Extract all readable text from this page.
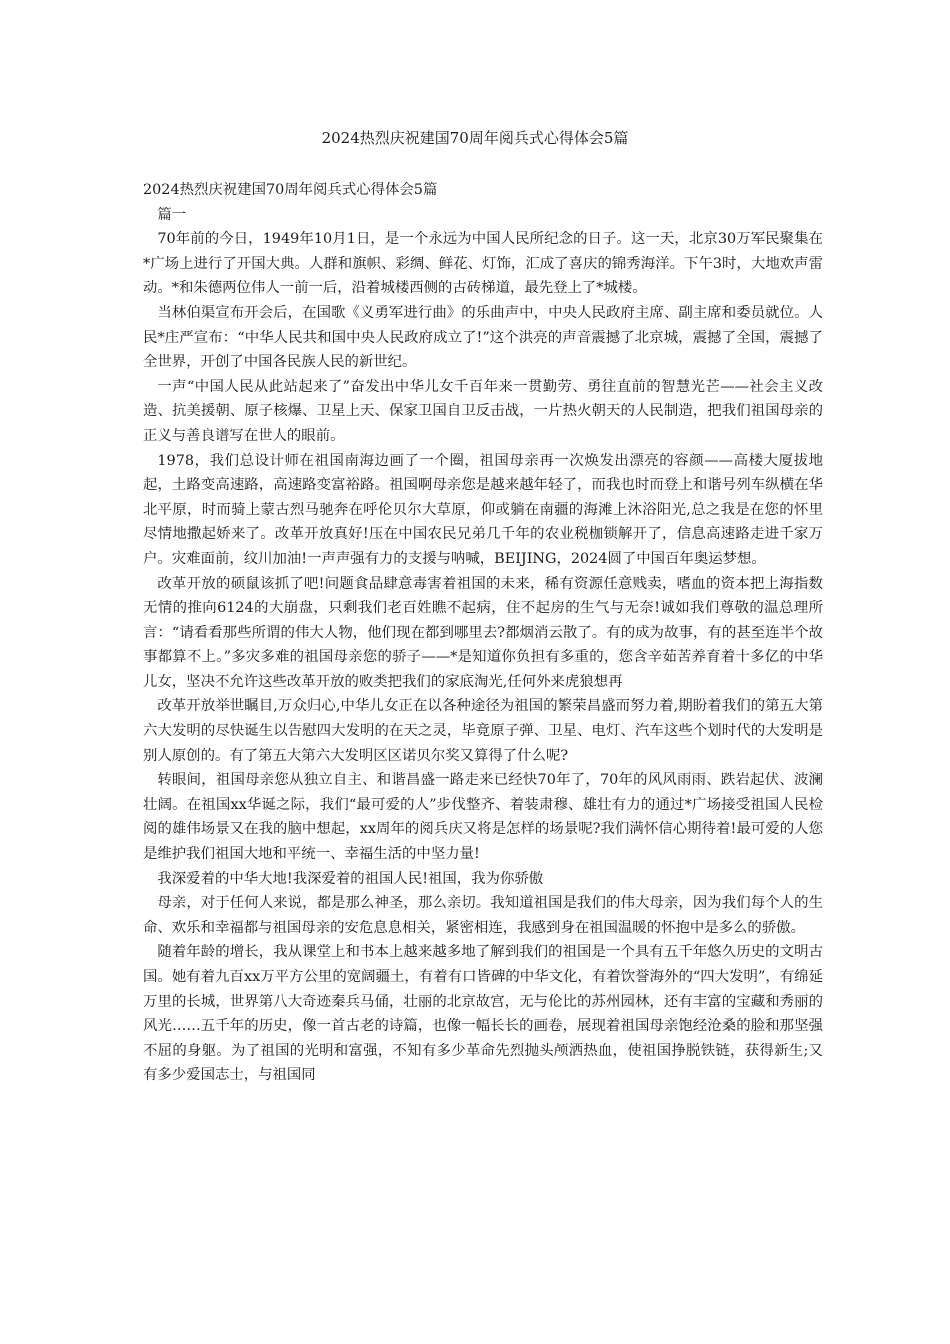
2024热烈庆祝建国70周年阅兵式心得体会5篇

2024热烈庆祝建国70周年阅兵式心得体会5篇

篇一

70年前的今日，1949年10月1日，是一个永远为中国人民所纪念的日子。这一天，北京30万军民聚集在*广场上进行了开国大典。人群和旗帜、彩绸、鲜花、灯饰，汇成了喜庆的锦秀海洋。下午3时，大地欢声雷动。*和朱德两位伟人一前一后，沿着城楼西侧的古砖梯道，最先登上了*城楼。

当林伯渠宣布开会后，在国歌《义勇军进行曲》的乐曲声中，中央人民政府主席、副主席和委员就位。人民*庄严宣布：“中华人民共和国中央人民政府成立了!”这个洪亮的声音震撼了北京城，震撼了全国，震撼了全世界，开创了中国各民族人民的新世纪。

一声“中国人民从此站起来了”奋发出中华儿女千百年来一贯勤劳、勇往直前的智慧光芒——社会主义改造、抗美援朝、原子核爆、卫星上天、保家卫国自卫反击战，一片热火朝天的人民制造，把我们祖国母亲的正义与善良谱写在世人的眼前。

1978，我们总设计师在祖国南海边画了一个圈，祖国母亲再一次焕发出漂亮的容颜——高楼大厦拔地起，土路变高速路，高速路变富裕路。祖国啊母亲您是越来越年轻了，而我也时而登上和谐号列车纵横在华北平原，时而骑上蒙古烈马驰奔在呼伦贝尔大草原，仰或躺在南疆的海滩上沐浴阳光,总之我是在您的怀里尽情地撒起娇来了。改革开放真好!压在中国农民兄弟几千年的农业税枷锁解开了，信息高速路走进千家万户。灾难面前，纹川加油!一声声强有力的支援与呐喊，BEIJING，2024圆了中国百年奥运梦想。

改革开放的硕鼠该抓了吧!问题食品肆意毒害着祖国的未来，稀有资源任意贱卖，嗜血的资本把上海指数无情的推向6124的大崩盘，只剩我们老百姓瞧不起病，住不起房的生气与无奈!诚如我们尊敬的温总理所言：“请看看那些所谓的伟大人物，他们现在都到哪里去?都烟消云散了。有的成为故事，有的甚至连半个故事都算不上。”多灾多难的祖国母亲您的骄子——*是知道你负担有多重的，您含辛茹苦养育着十多亿的中华儿女，坚决不允许这些改革开放的败类把我们的家底淘光,任何外来虎狼想再

改革开放举世瞩目,万众归心,中华儿女正在以各种途径为祖国的繁荣昌盛而努力着,期盼着我们的第五大第六大发明的尽快诞生以告慰四大发明的在天之灵，毕竟原子弹、卫星、电灯、汽车这些个划时代的大发明是别人原创的。有了第五大第六大发明区区诺贝尔奖又算得了什么呢?

转眼间，祖国母亲您从独立自主、和谐昌盛一路走来已经快70年了，70年的风风雨雨、跌岩起伏、波澜壮阔。在祖国xx华诞之际，我们“最可爱的人”步伐整齐、着装肃穆、雄壮有力的通过*广场接受祖国人民检阅的雄伟场景又在我的脑中想起，xx周年的阅兵庆又将是怎样的场景呢?我们满怀信心期待着!最可爱的人您是维护我们祖国大地和平统一、幸福生活的中坚力量!

我深爱着的中华大地!我深爱着的祖国人民!祖国，我为你骄傲

母亲，对于任何人来说，都是那么神圣，那么亲切。我知道祖国是我们的伟大母亲，因为我们每个人的生命、欢乐和幸福都与祖国母亲的安危息息相关，紧密相连，我感到身在祖国温暖的怀抱中是多么的骄傲。

随着年龄的增长，我从课堂上和书本上越来越多地了解到我们的祖国是一个具有五千年悠久历史的文明古国。她有着九百xx万平方公里的宽阔疆土，有着有口皆碑的中华文化，有着饮誉海外的“四大发明”，有绵延万里的长城，世界第八大奇迹秦兵马俑，壮丽的北京故宫，无与伦比的苏州园林，还有丰富的宝藏和秀丽的风光……五千年的历史，像一首古老的诗篇，也像一幅长长的画卷，展现着祖国母亲饱经沧桑的脸和那坚强不屈的身躯。为了祖国的光明和富强，不知有多少革命先烈抛头颅洒热血，使祖国挣脱铁链，获得新生;又有多少爱国志士，与祖国同
